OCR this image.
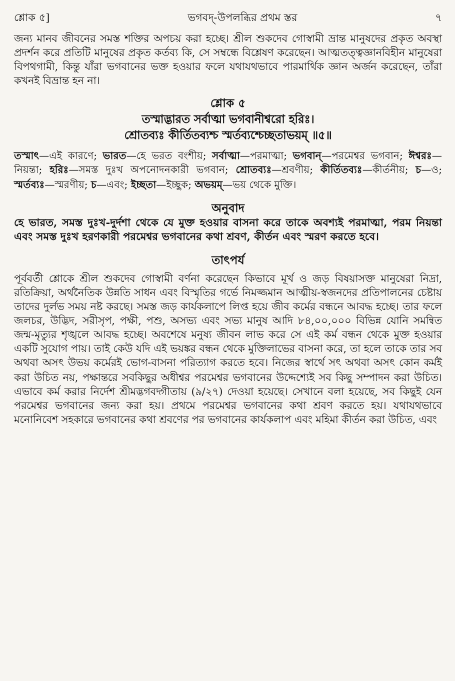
শ্লোক ৫]	ভগবদ্-উপলব্ধির প্রথম স্তর	৭

জন্য মানব জীবনের সমস্ত শক্তির অপচয় করা হচ্ছে। শ্রীল শুকদেব গোস্বামী ভ্রান্ত মানুষদের প্রকৃত অবস্থা প্রদর্শন করে প্রতিটি মানুষের প্রকৃত কর্তব্য কি, সে সম্বন্ধে বিশ্লেষণ করেছেন। আত্মতত্ত্বজ্ঞানবিহীন মানুষেরা বিপথগামী, কিন্তু যাঁরা ভগবানের ভক্ত হওয়ার ফলে যথাযথভাবে পারমার্থিক জ্ঞান অর্জন করেছেন, তাঁরা কখনই বিভ্রান্ত হন না।

শ্লোক ৫

তস্মাদ্ভারত সর্বাত্মা ভগবানীশ্বরো হরিঃ।

শ্রোতব্যঃ কীর্তিতব্যশ্চ স্মর্তব্যশ্চেচ্ছতাভয়ম্ ॥৫॥

তস্মাৎ—এই কারণে; ভারত—হে ভরত বংশীয়; সর্বাত্মা—পরমাত্মা; ভগবান্—পরমেশ্বর ভগবান; ঈশ্বরঃ—নিয়ন্তা; হরিঃ—সমস্ত দুঃখ অপনোদনকারী ভগবান; শ্রোতব্যঃ—শ্রবণীয়; কীর্তিতব্যঃ—কীর্তনীয়; চ—ও; স্মর্তব্যঃ—স্মরণীয়; চ—এবং; ইচ্ছতা—ইচ্ছুক; অভয়ম্—ভয় থেকে মুক্তি।

অনুবাদ

হে ভারত, সমস্ত দুঃখ-দুর্দশা থেকে যে মুক্ত হওয়ার বাসনা করে তাকে অবশ্যই পরমাত্মা, পরম নিয়ন্তা এবং সমস্ত দুঃখ হরণকারী পরমেশ্বর ভগবানের কথা শ্রবণ, কীর্তন এবং স্মরণ করতে হবে।

তাৎপর্য

পূর্ববর্তী শ্লোকে শ্রীল শুকদেব গোস্বামী বর্ণনা করেছেন কিভাবে মূর্খ ও জড় বিষয়াসক্ত মানুষেরা নিদ্রা, রতিক্রিয়া, অর্থনৈতিক উন্নতি সাধন এবং বিস্মৃতির গর্ভে নিমজ্জমান আত্মীয়-স্বজনদের প্রতিপালনের চেষ্টায় তাদের দুর্লভ সময় নষ্ট করছে। সমস্ত জড় কার্যকলাপে লিপ্ত হয়ে জীব কর্মের বন্ধনে আবদ্ধ হচ্ছে। তার ফলে জলচর, উদ্ভিদ, সরীসৃপ, পক্ষী, পশু, অসভ্য এবং সভ্য মানুষ আদি ৮৪,০০,০০০ বিভিন্ন যোনি সমন্বিত জন্ম-মৃত্যুর শৃঙ্খলে আবদ্ধ হচ্ছে। অবশেষে মনুষ্য জীবন লাভ করে সে এই কর্ম বন্ধন থেকে মুক্ত হওয়ার একটি সুযোগ পায়। তাই কেউ যদি এই ভয়ঙ্কর বন্ধন থেকে মুক্তিলাভের বাসনা করে, তা হলে তাকে তার সব অথবা অসৎ উভয় কর্মেরই ভোগ-বাসনা পরিত্যাগ করতে হবে। নিজের স্বার্থে সৎ অথবা অসৎ কোন কর্মই করা উচিত নয়, পক্ষান্তরে সবকিছুর অধীশ্বর পরমেশ্বর ভগবানের উদ্দেশ্যেই সব কিছু সম্পাদন করা উচিত। এভাবে কর্ম করার নির্দেশ শ্রীমদ্ভগবদ্গীতায় (৯/২৭) দেওয়া হয়েছে। সেখানে বলা হয়েছে, সব কিছুই যেন পরমেশ্বর ভগবানের জন্য করা হয়। প্রথমে পরমেশ্বর ভগবানের কথা শ্রবণ করতে হয়। যথাযথভাবে মনোনিবেশ সহকারে ভগবানের কথা শ্রবণের পর ভগবানের কার্যকলাপ এবং মহিমা কীর্তন করা উচিত, এবং
